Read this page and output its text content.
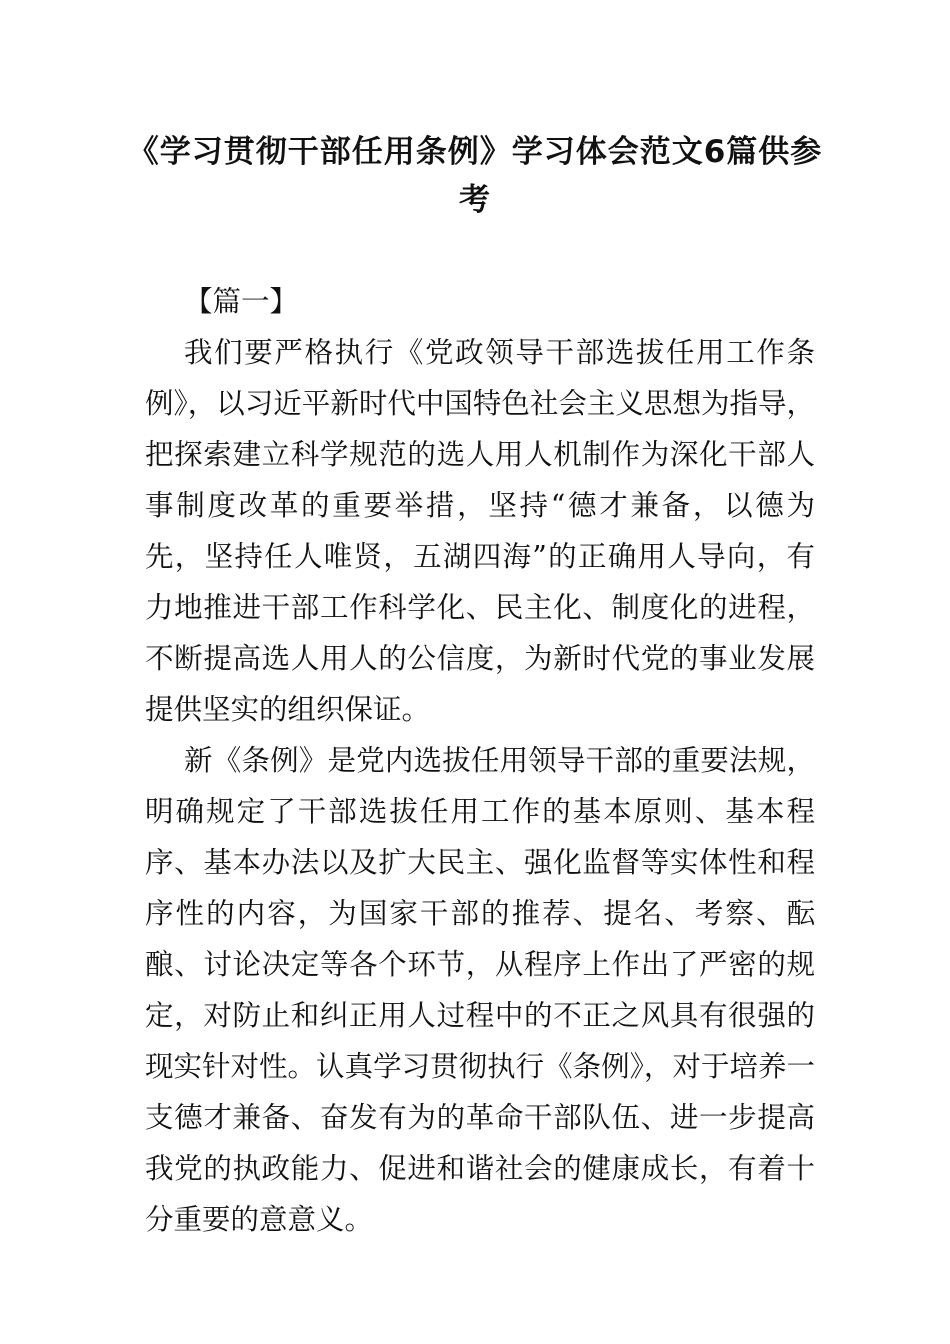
《学习贯彻干部任用条例》学习体会范文6篇供参考

【篇一】

我们要严格执行《党政领导干部选拔任用工作条例》，以习近平新时代中国特色社会主义思想为指导，把探索建立科学规范的选人用人机制作为深化干部人事制度改革的重要举措，坚持“德才兼备，以德为先，坚持任人唯贤，五湖四海”的正确用人导向，有力地推进干部工作科学化、民主化、制度化的进程，不断提高选人用人的公信度，为新时代党的事业发展提供坚实的组织保证。

新《条例》是党内选拔任用领导干部的重要法规，明确规定了干部选拔任用工作的基本原则、基本程序、基本办法以及扩大民主、强化监督等实体性和程序性的内容，为国家干部的推荐、提名、考察、酝酿、讨论决定等各个环节，从程序上作出了严密的规定，对防止和纠正用人过程中的不正之风具有很强的现实针对性。认真学习贯彻执行《条例》，对于培养一支德才兼备、奋发有为的革命干部队伍、进一步提高我党的执政能力、促进和谐社会的健康成长，有着十分重要的意意义。
